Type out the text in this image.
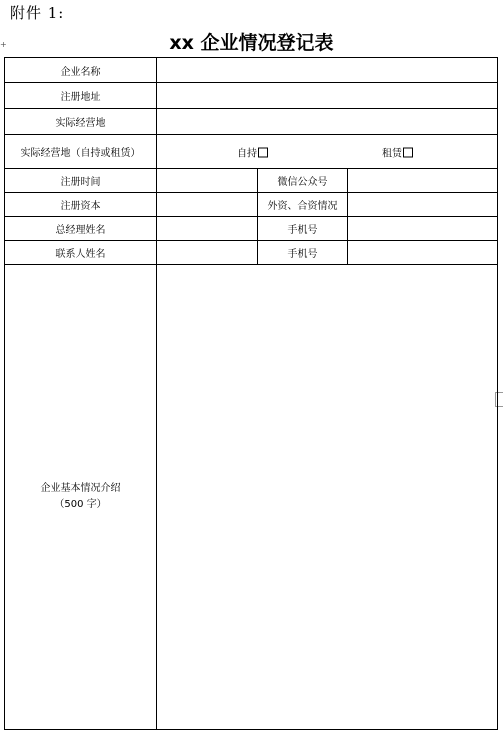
附件 1:
+	xx 企业情况登记表
企业名称			
注册地址			
实际经营地			
实际经营地（自持或租赁）	自持 租赁		

注册时间		微信公众号	
注册资本		外资、合资情况	
总经理姓名		手机号	
联系人姓名		手机号	

企业基本情况介绍
（500 字）			
